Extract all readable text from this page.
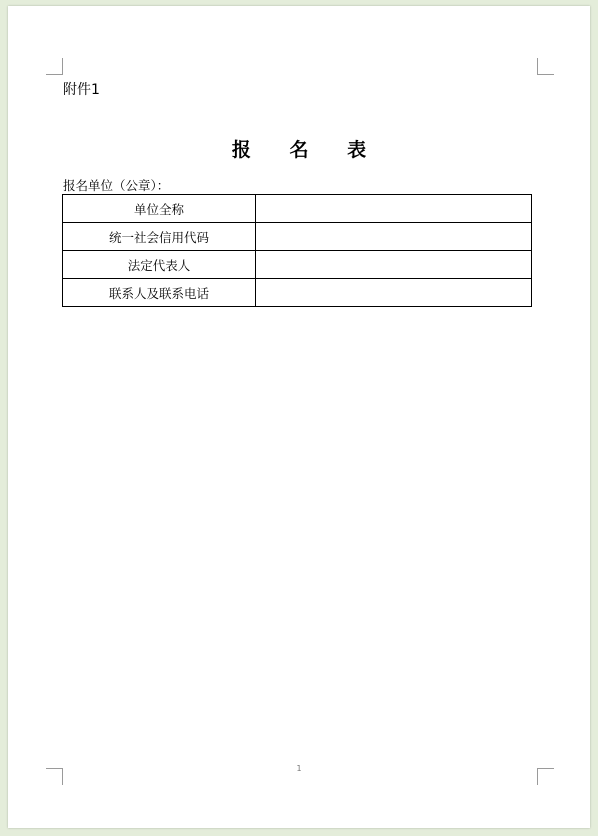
附件1
报 名 表
报名单位（公章）：
单位全称	
统一社会信用代码	
法定代表人	
联系人及联系电话	
1
